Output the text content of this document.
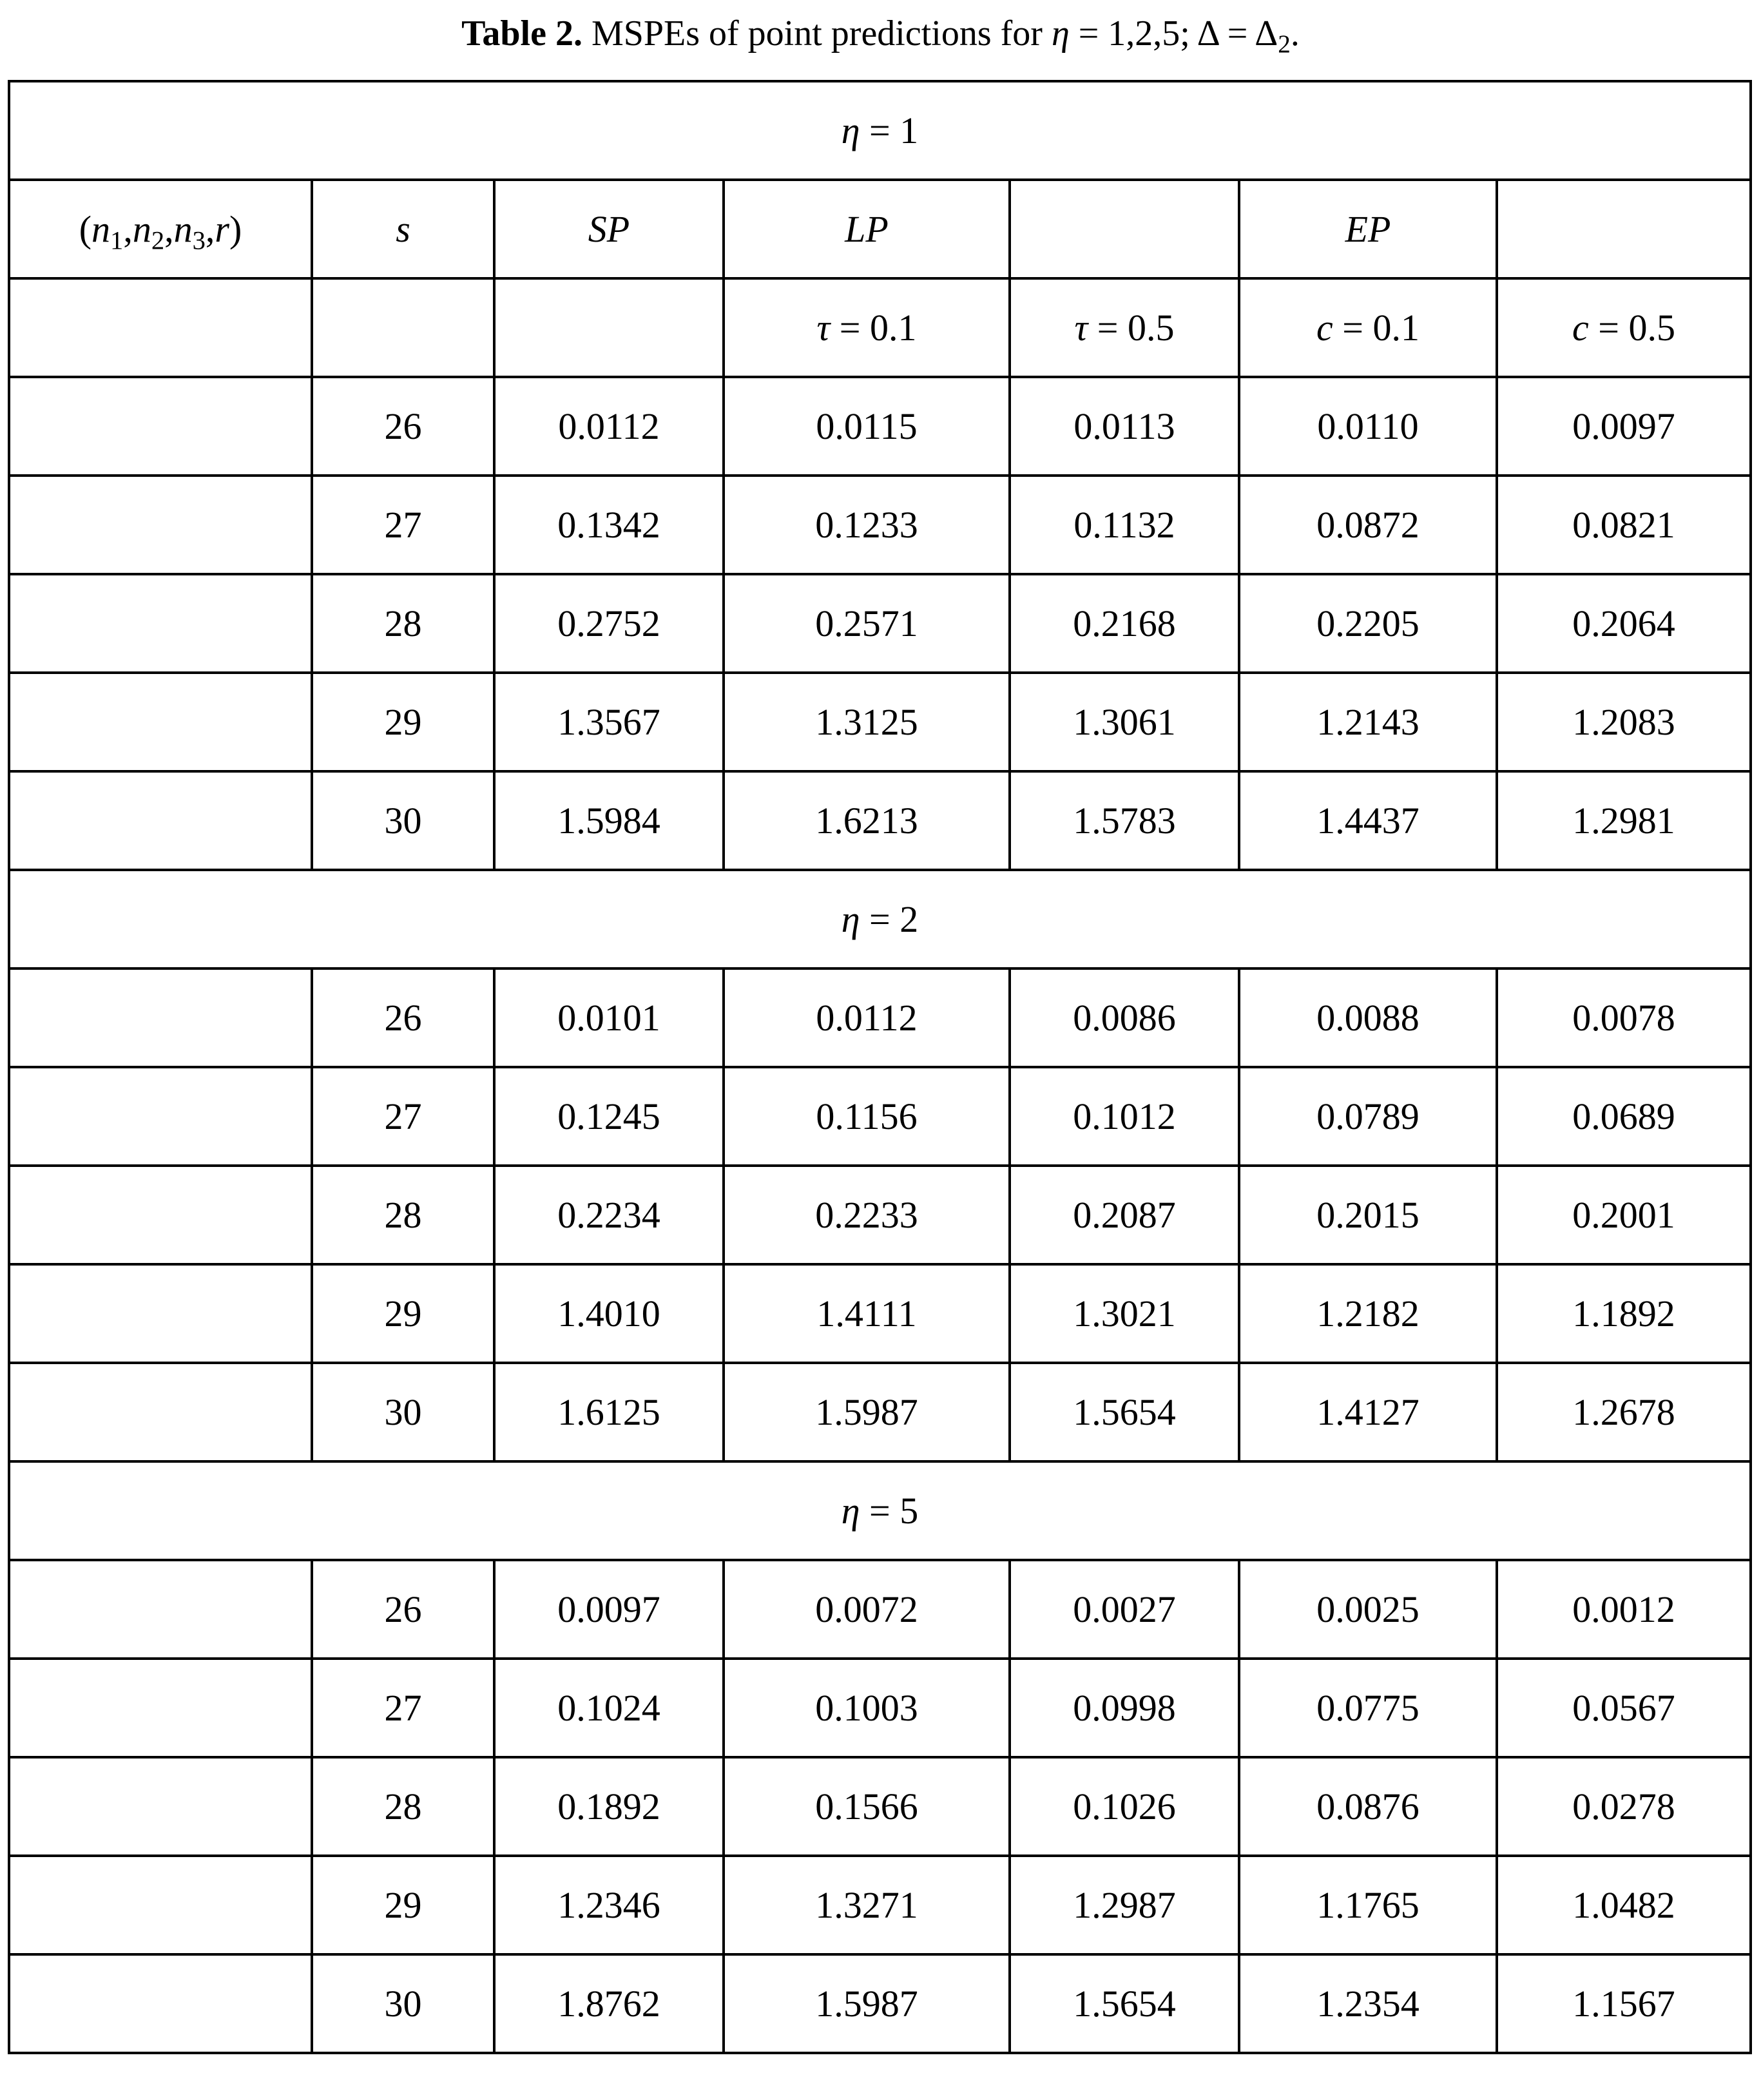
Table 2. MSPEs of point predictions for η = 1,2,5; $\Delta = \Delta_2$.
η = 1						
$(n_1,n_2,n_3,r)$	s	SP	LP		EP	
			τ = 0.1	τ = 0.5	c = 0.1	c = 0.5
	26	0.0112	0.0115	0.0113	0.0110	0.0097
	27	0.1342	0.1233	0.1132	0.0872	0.0821
	28	0.2752	0.2571	0.2168	0.2205	0.2064
	29	1.3567	1.3125	1.3061	1.2143	1.2083
	30	1.5984	1.6213	1.5783	1.4437	1.2981
η = 2						
	26	0.0101	0.0112	0.0086	0.0088	0.0078
	27	0.1245	0.1156	0.1012	0.0789	0.0689
	28	0.2234	0.2233	0.2087	0.2015	0.2001
	29	1.4010	1.4111	1.3021	1.2182	1.1892
	30	1.6125	1.5987	1.5654	1.4127	1.2678
η = 5						
	26	0.0097	0.0072	0.0027	0.0025	0.0012
	27	0.1024	0.1003	0.0998	0.0775	0.0567
	28	0.1892	0.1566	0.1026	0.0876	0.0278
	29	1.2346	1.3271	1.2987	1.1765	1.0482
	30	1.8762	1.5987	1.5654	1.2354	1.1567
